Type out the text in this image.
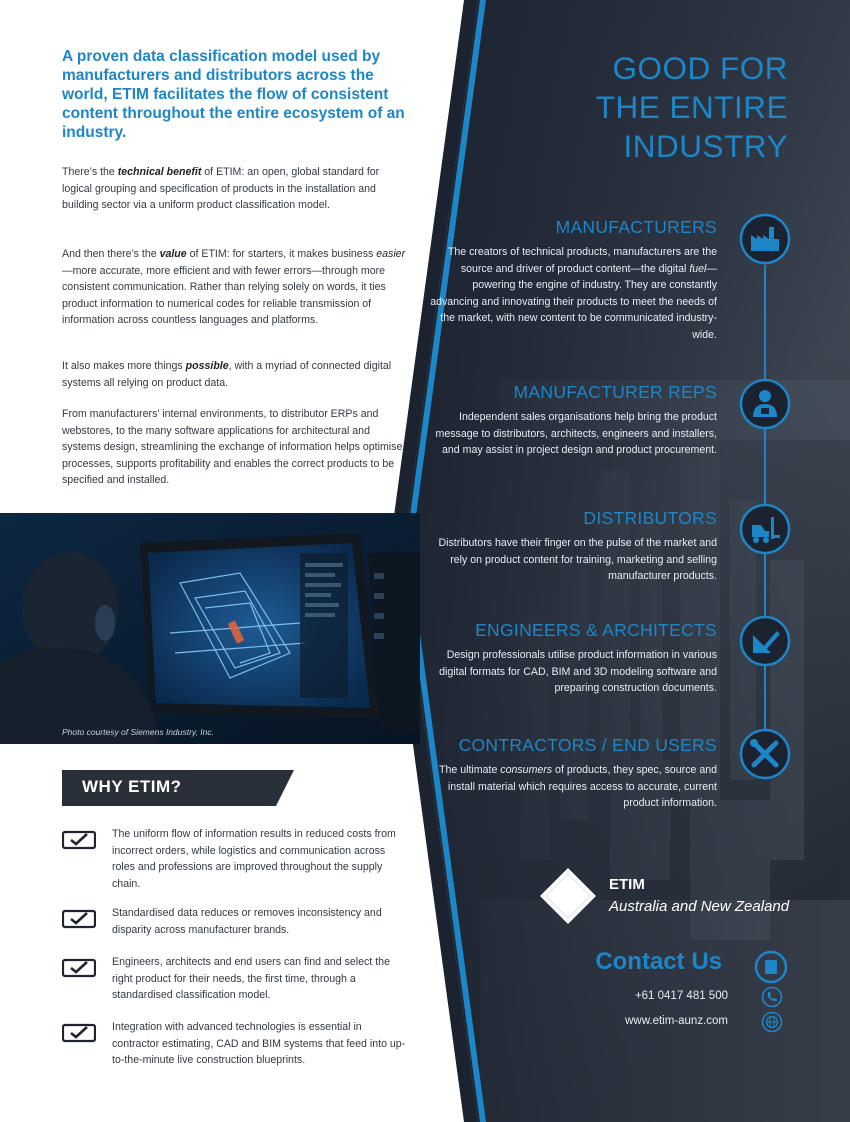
A proven data classification model used by manufacturers and distributors across the world, ETIM facilitates the flow of consistent content throughout the entire ecosystem of an industry.

There’s the technical benefit of ETIM: an open, global standard for logical grouping and specification of products in the installation and building sector via a uniform product classification model.

And then there’s the value of ETIM: for starters, it makes business easier—more accurate, more efficient and with fewer errors—through more consistent communication. Rather than relying solely on words, it ties product information to numerical codes for reliable transmission of information across countless languages and platforms.

It also makes more things possible, with a myriad of connected digital systems all relying on product data.

From manufacturers’ internal environments, to distributor ERPs and webstores, to the many software applications for architectural and systems design, streamlining the exchange of information helps optimise processes, supports profitability and enables the correct products to be specified and installed.

Photo courtesy of Siemens Industry, Inc.
WHY ETIM?

The uniform flow of information results in reduced costs from incorrect orders, while logistics and communication across roles and professions are improved throughout the supply chain.

Standardised data reduces or removes inconsistency and disparity across manufacturer brands.

Engineers, architects and end users can find and select the right product for their needs, the first time, through a standardised classification model.

Integration with advanced technologies is essential in contractor estimating, CAD and BIM systems that feed into up-to-the-minute live construction blueprints.

GOOD FOR
THE ENTIRE
INDUSTRY
MANUFACTURERS

The creators of technical products, manufacturers are the source and driver of product content—the digital fuel—powering the engine of industry. They are constantly advancing and innovating their products to meet the needs of the market, with new content to be communicated industry-wide.

MANUFACTURER REPS

Independent sales organisations help bring the product message to distributors, architects, engineers and installers, and may assist in project design and product procurement.

DISTRIBUTORS

Distributors have their finger on the pulse of the market and rely on product content for training, marketing and selling manufacturer products.

ENGINEERS & ARCHITECTS

Design professionals utilise product information in various digital formats for CAD, BIM and 3D modeling software and preparing construction documents.

CONTRACTORS / END USERS

The ultimate consumers of products, they spec, source and install material which requires access to accurate, current product information.

ETIM
Australia and New Zealand
Contact Us
+61 0417 481 500
www.etim-aunz.com
